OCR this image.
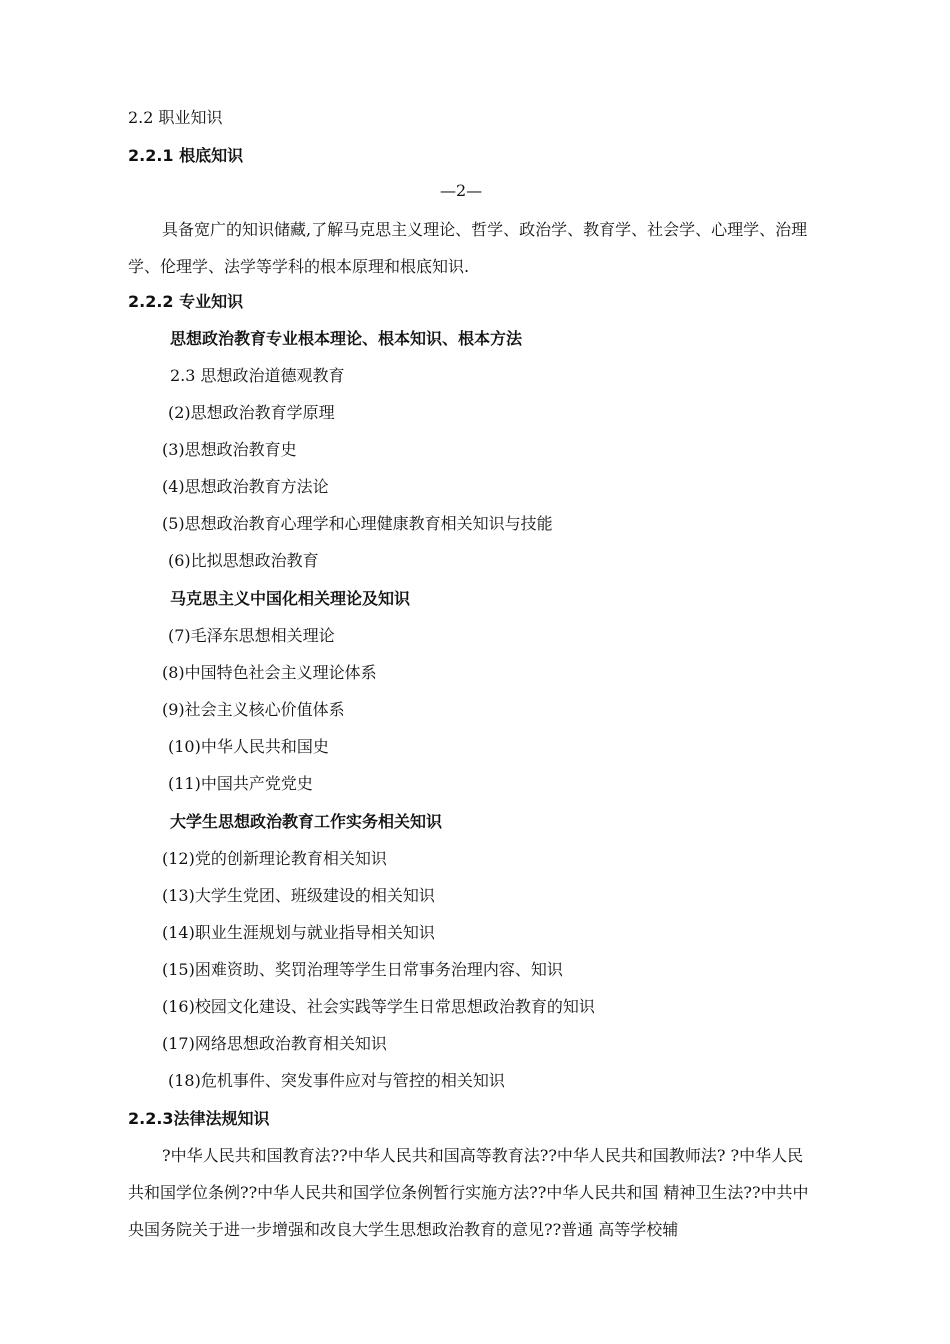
2.2 职业知识
2.2.1 根底知识
—2—
具备宽广的知识储藏,了解马克思主义理论、哲学、政治学、教育学、社会学、心理学、治理学、伦理学、法学等学科的根本原理和根底知识.
2.2.2 专业知识
思想政治教育专业根本理论、根本知识、根本方法
2.3 思想政治道德观教育
(2)思想政治教育学原理
(3)思想政治教育史
(4)思想政治教育方法论
(5)思想政治教育心理学和心理健康教育相关知识与技能
(6)比拟思想政治教育
马克思主义中国化相关理论及知识
(7)毛泽东思想相关理论
(8)中国特色社会主义理论体系
(9)社会主义核心价值体系
(10)中华人民共和国史
(11)中国共产党党史
大学生思想政治教育工作实务相关知识
(12)党的创新理论教育相关知识
(13)大学生党团、班级建设的相关知识
(14)职业生涯规划与就业指导相关知识
(15)困难资助、奖罚治理等学生日常事务治理内容、知识
(16)校园文化建设、社会实践等学生日常思想政治教育的知识
(17)网络思想政治教育相关知识
(18)危机事件、突发事件应对与管控的相关知识
2.2.3法律法规知识
?中华人民共和国教育法??中华人民共和国高等教育法??中华人民共和国教师法? ?中华人民共和国学位条例??中华人民共和国学位条例暂行实施方法??中华人民共和国 精神卫生法??中共中央国务院关于进一步增强和改良大学生思想政治教育的意见??普通 高等学校辅
